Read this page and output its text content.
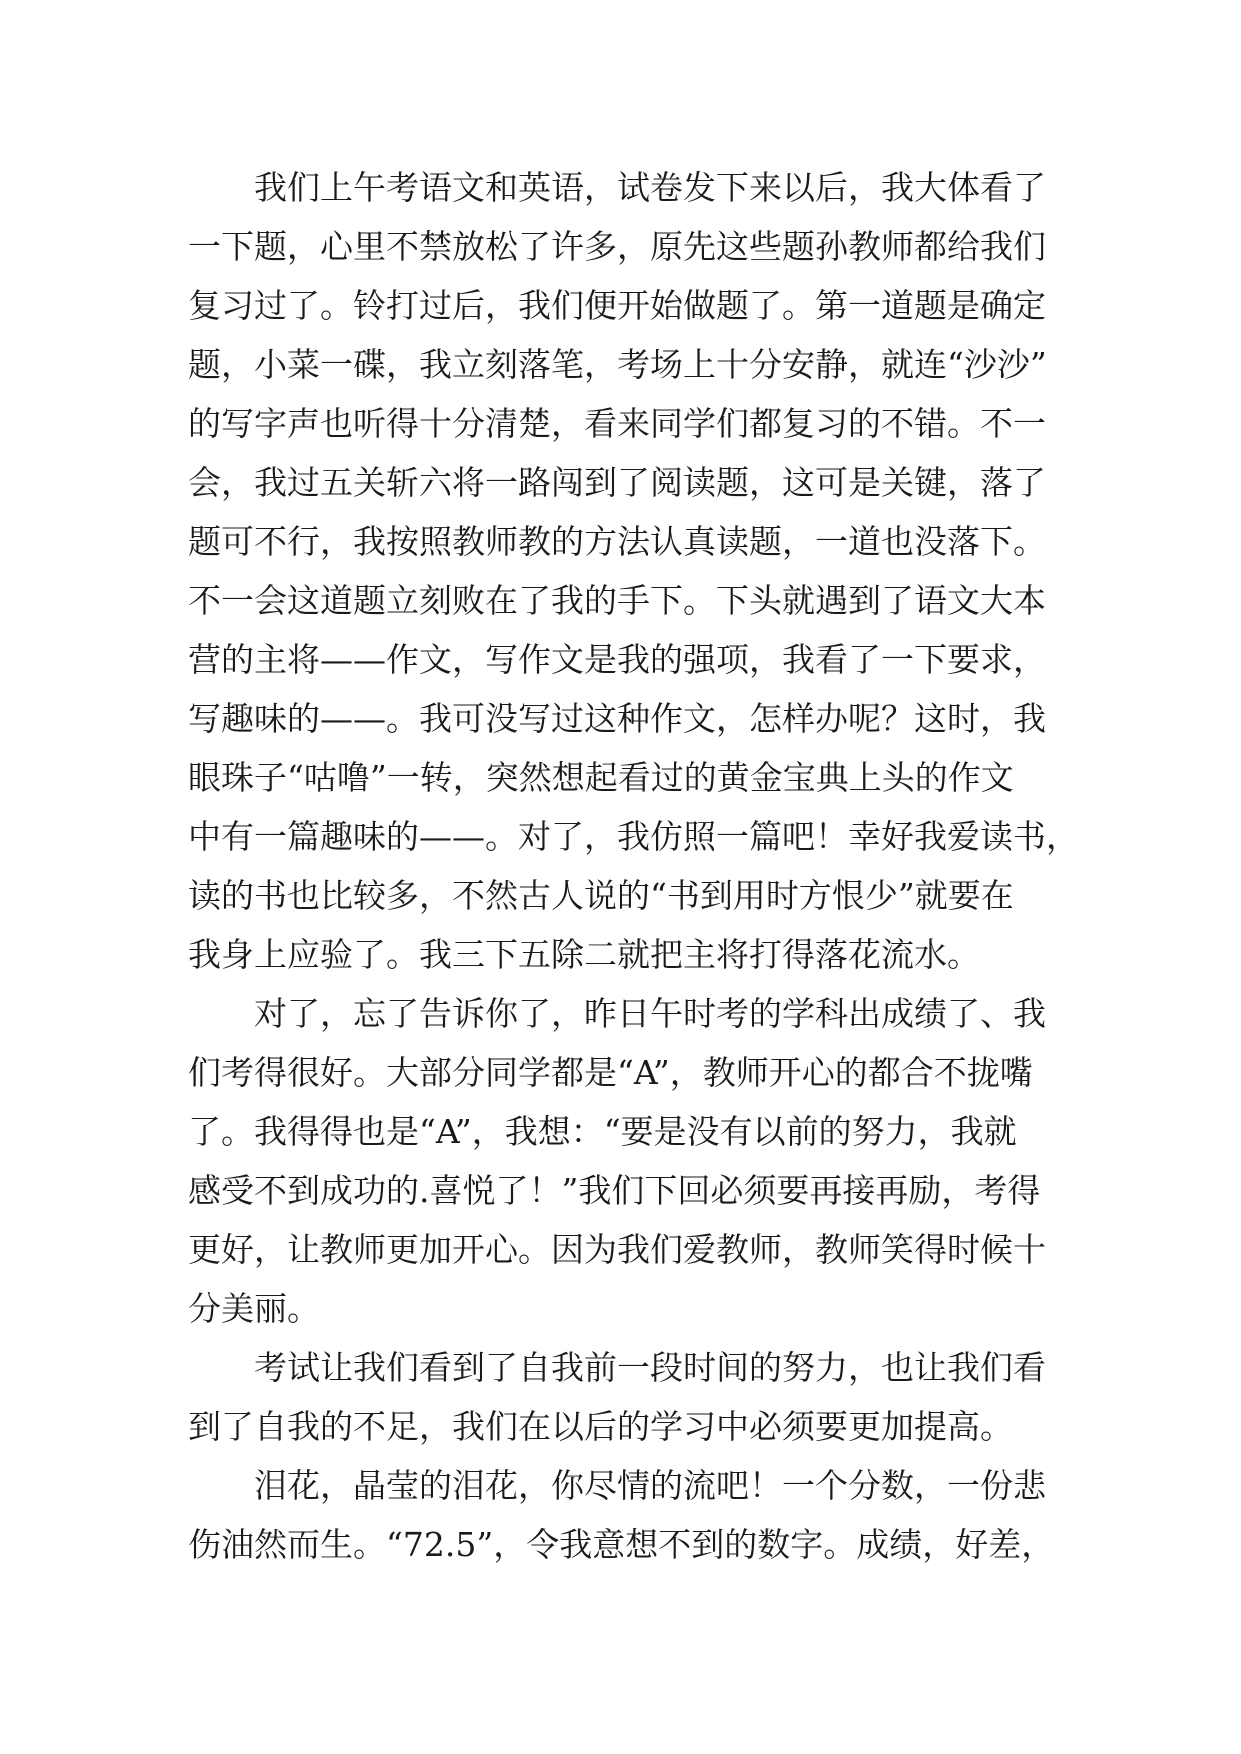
　　我们上午考语文和英语，试卷发下来以后，我大体看了
一下题，心里不禁放松了许多，原先这些题孙教师都给我们
复习过了。铃打过后，我们便开始做题了。第一道题是确定
题，小菜一碟，我立刻落笔，考场上十分安静，就连“沙沙”
的写字声也听得十分清楚，看来同学们都复习的不错。不一
会，我过五关斩六将一路闯到了阅读题，这可是关键，落了
题可不行，我按照教师教的方法认真读题，一道也没落下。
不一会这道题立刻败在了我的手下。下头就遇到了语文大本
营的主将——作文，写作文是我的强项，我看了一下要求，
写趣味的——。我可没写过这种作文，怎样办呢？这时，我
眼珠子“咕噜”一转，突然想起看过的黄金宝典上头的作文
中有一篇趣味的——。对了，我仿照一篇吧！幸好我爱读书，
读的书也比较多，不然古人说的“书到用时方恨少”就要在
我身上应验了。我三下五除二就把主将打得落花流水。
　　对了，忘了告诉你了，昨日午时考的学科出成绩了、我
们考得很好。大部分同学都是“A”，教师开心的都合不拢嘴
了。我得得也是“A”，我想：“要是没有以前的努力，我就
感受不到成功的.喜悦了！”我们下回必须要再接再励，考得
更好，让教师更加开心。因为我们爱教师，教师笑得时候十
分美丽。
　　考试让我们看到了自我前一段时间的努力，也让我们看
到了自我的不足，我们在以后的学习中必须要更加提高。
　　泪花，晶莹的泪花，你尽情的流吧！一个分数，一份悲
伤油然而生。“72.5”，令我意想不到的数字。成绩，好差，
